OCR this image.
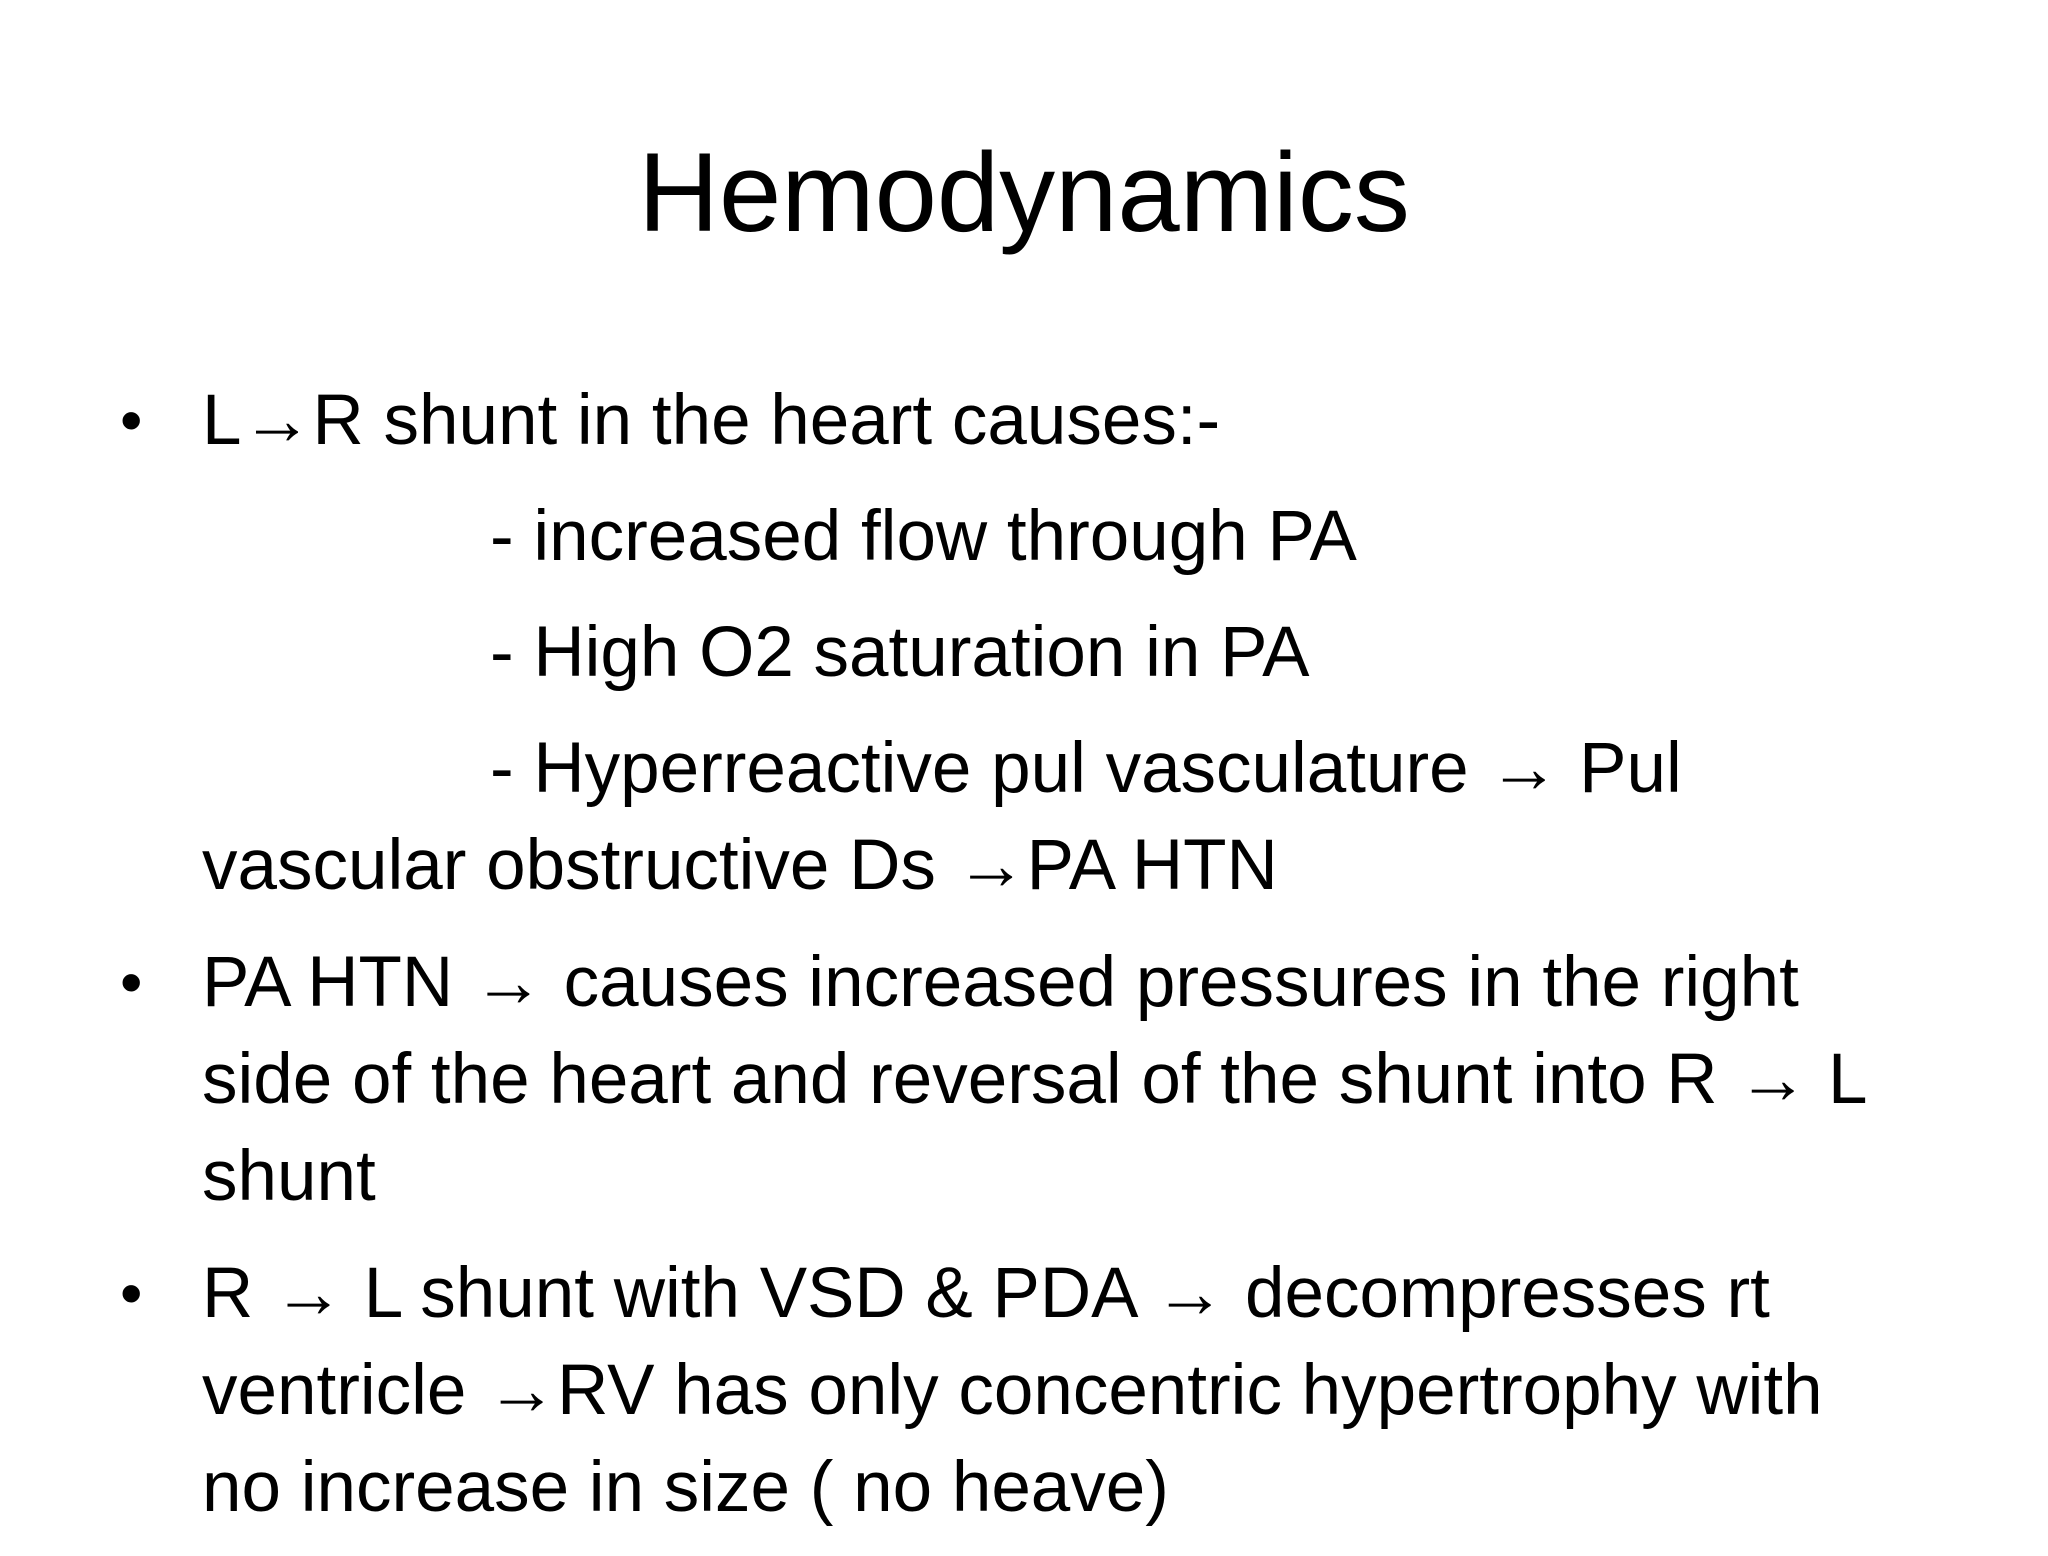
Hemodynamics
• L→R shunt in the heart causes:-
- increased flow through PA
- High O2 saturation in PA
- Hyperreactive pul vasculature → Pul vascular obstructive Ds →PA HTN
• PA HTN → causes increased pressures in the right side of the heart and reversal of the shunt into R → L shunt
• R → L shunt with VSD & PDA → decompresses rt ventricle →RV has only concentric hypertrophy with no increase in size ( no heave)
